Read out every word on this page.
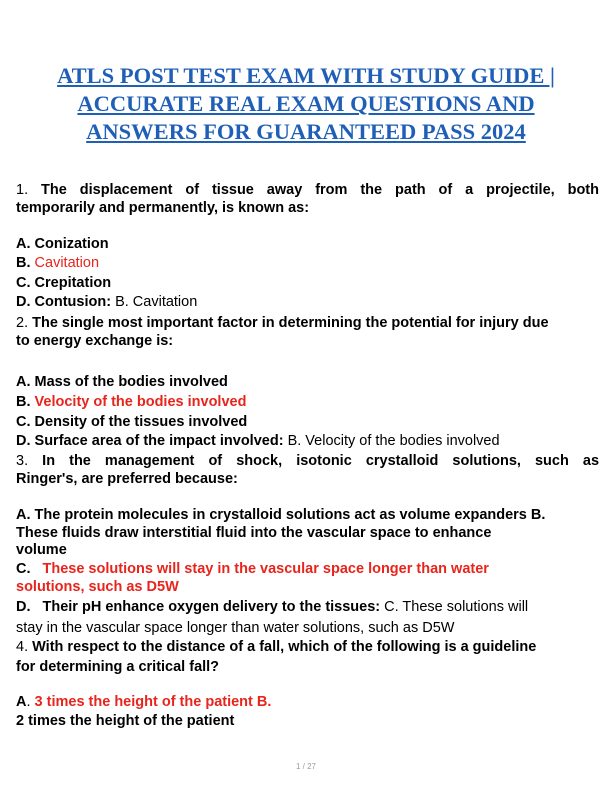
ATLS POST TEST EXAM WITH STUDY GUIDE |
ACCURATE REAL EXAM QUESTIONS AND
ANSWERS FOR GUARANTEED PASS 2024
1. The displacement of tissue away from the path of a projectile, both
temporarily and permanently, is known as:
A. Conization
B. Cavitation
C. Crepitation
D. Contusion: B. Cavitation
2. The single most important factor in determining the potential for injury due
to energy exchange is:
A. Mass of the bodies involved
B. Velocity of the bodies involved
C. Density of the tissues involved
D. Surface area of the impact involved: B. Velocity of the bodies involved
3. In the management of shock, isotonic crystalloid solutions, such as
Ringer's, are preferred because:
A. The protein molecules in crystalloid solutions act as volume expanders B.
These fluids draw interstitial fluid into the vascular space to enhance
volume
C. These solutions will stay in the vascular space longer than water
solutions, such as D5W
D. Their pH enhance oxygen delivery to the tissues: C. These solutions will
stay in the vascular space longer than water solutions, such as D5W
4. With respect to the distance of a fall, which of the following is a guideline
for determining a critical fall?
A. 3 times the height of the patient B.
2 times the height of the patient
1 / 27
